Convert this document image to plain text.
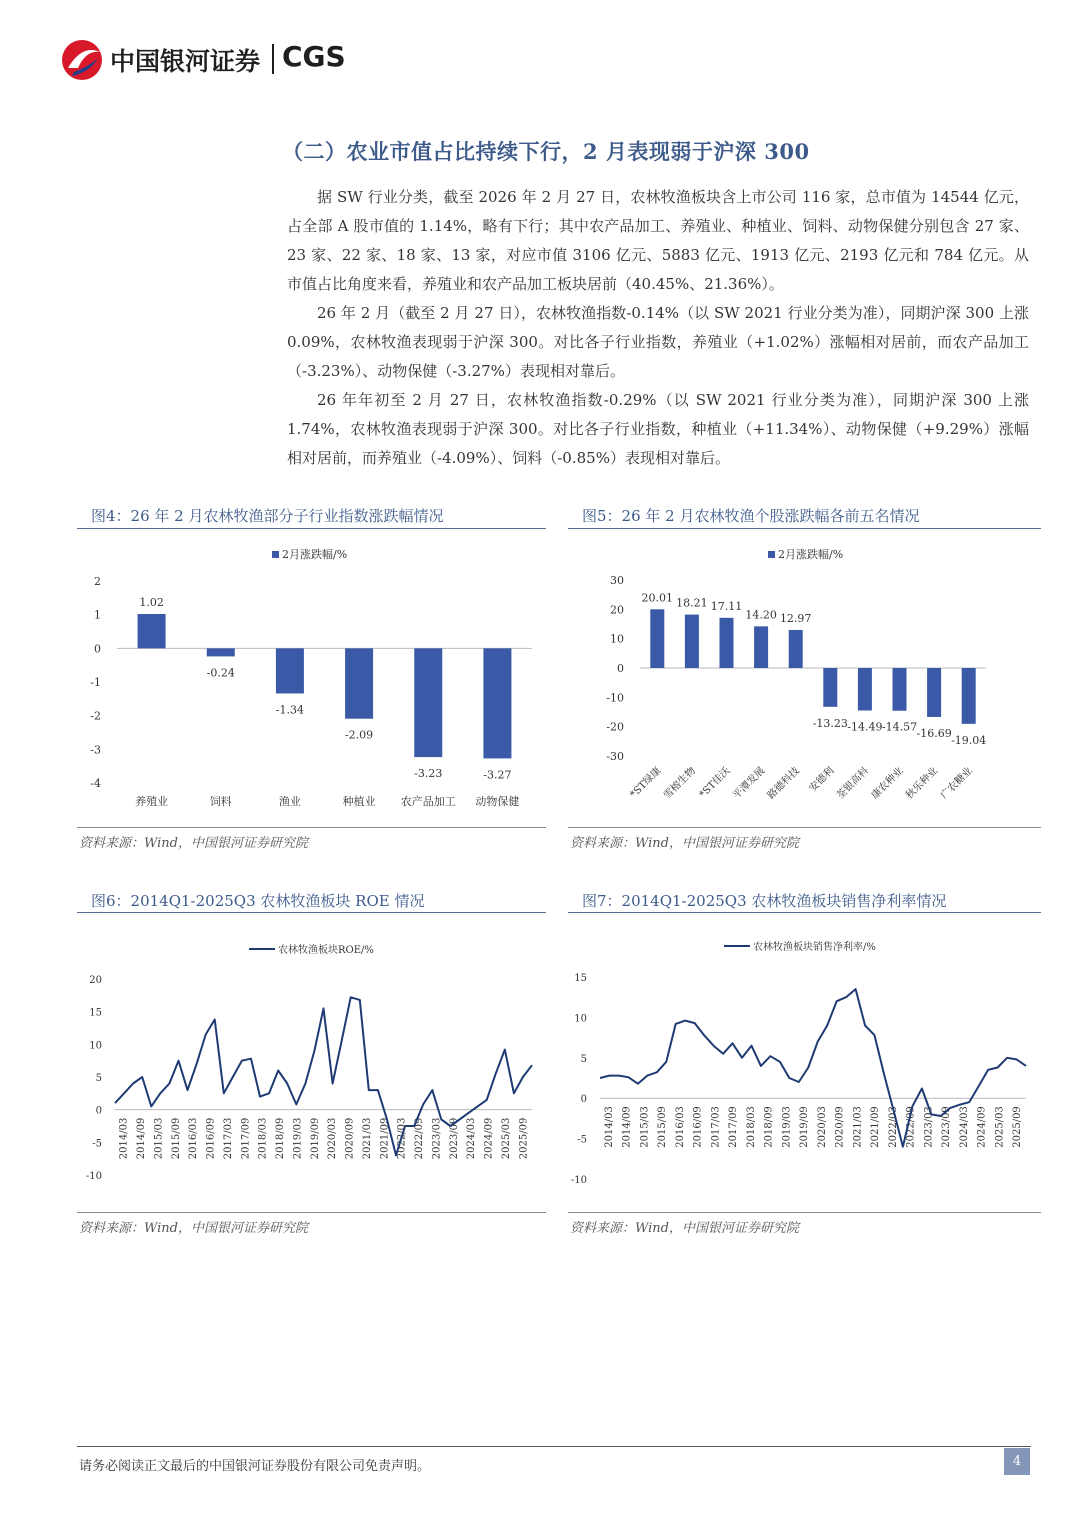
中国银河证券 CGS
（二）农业市值占比持续下行，2 月表现弱于沪深 300

据 SW 行业分类，截至 2026 年 2 月 27 日，农林牧渔板块含上市公司 116 家，总市值为 14544 亿元，占全部 A 股市值的 1.14%，略有下行；其中农产品加工、养殖业、种植业、饲料、动物保健分别包含 27 家、23 家、22 家、18 家、13 家，对应市值 3106 亿元、5883 亿元、1913 亿元、2193 亿元和 784 亿元。从市值占比角度来看，养殖业和农产品加工板块居前（40.45%、21.36%）。

26 年 2 月（截至 2 月 27 日），农林牧渔指数-0.14%（以 SW 2021 行业分类为准），同期沪深 300 上涨 0.09%，农林牧渔表现弱于沪深 300。对比各子行业指数，养殖业（+1.02%）涨幅相对居前，而农产品加工（-3.23%）、动物保健（-3.27%）表现相对靠后。

26 年年初至 2 月 27 日，农林牧渔指数-0.29%（以 SW 2021 行业分类为准），同期沪深 300 上涨 1.74%，农林牧渔表现弱于沪深 300。对比各子行业指数，种植业（+11.34%）、动物保健（+9.29%）涨幅相对居前，而养殖业（-4.09%）、饲料（-0.85%）表现相对靠后。

图4：26 年 2 月农林牧渔部分子行业指数涨跌幅情况
2月涨跌幅/%
2
1
0
-1
-2
-3
-4
1.02
养殖业
-0.24
饲料
-1.34
渔业
-2.09
种植业
-3.23
农产品加工
-3.27
动物保健
资料来源：Wind，中国银河证券研究院
图5：26 年 2 月农林牧渔个股涨跌幅各前五名情况
2月涨跌幅/%
30
20
10
0
-10
-20
-30
20.01
*ST绿康
18.21
雪榕生物
17.11
*ST佳沃
14.20
平潭发展
12.97
路德科技
-13.23
安德利
-14.49
荃银高科
-14.57
康农种业
-16.69
秋乐种业
-19.04
广农糖业
资料来源：Wind，中国银河证券研究院
图6：2014Q1-2025Q3 农林牧渔板块 ROE 情况
农林牧渔板块ROE/%
20
15
10
5
0
-5
-10
2014/03 2014/09 2015/03 2015/09 2016/03 2016/09 2017/03 2017/09 2018/03 2018/09 2019/03 2019/09 2020/03 2020/09 2021/03 2021/09 2022/03 2022/09 2023/03 2023/09 2024/03 2024/09 2025/03 2025/09
资料来源：Wind，中国银河证券研究院
图7：2014Q1-2025Q3 农林牧渔板块销售净利率情况
农林牧渔板块销售净利率/%
15
10
5
0
-5
-10
2014/03 2014/09 2015/03 2015/09 2016/03 2016/09 2017/03 2017/09 2018/03 2018/09 2019/03 2019/09 2020/03 2020/09 2021/03 2021/09 2022/03 2022/09 2023/03 2023/09 2024/03 2024/09 2025/03 2025/09
资料来源：Wind，中国银河证券研究院
请务必阅读正文最后的中国银河证券股份有限公司免责声明。	4
